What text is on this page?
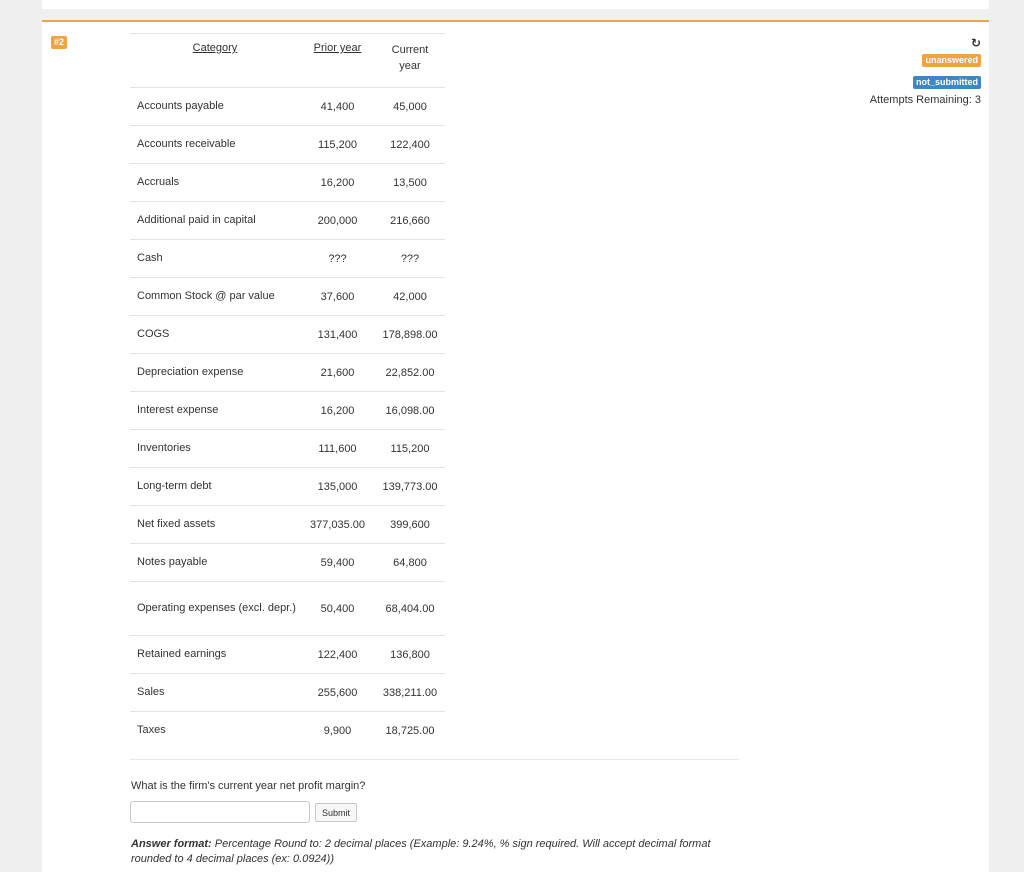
#2	↻
unanswered
not_submitted
Attempts Remaining: 3
Category	Prior year	Current year
Accounts payable	41,400	45,000
Accounts receivable	115,200	122,400
Accruals	16,200	13,500
Additional paid in capital	200,000	216,660
Cash	???	???
Common Stock @ par value	37,600	42,000
COGS	131,400	178,898.00
Depreciation expense	21,600	22,852.00
Interest expense	16,200	16,098.00
Inventories	111,600	115,200
Long-term debt	135,000	139,773.00
Net fixed assets	377,035.00	399,600
Notes payable	59,400	64,800
Operating expenses (excl. depr.)	50,400	68,404.00
Retained earnings	122,400	136,800
Sales	255,600	338,211.00
Taxes	9,900	18,725.00
What is the firm's current year net profit margin?
Submit
Answer format: Percentage Round to: 2 decimal places (Example: 9.24%, % sign required. Will accept decimal format rounded to 4 decimal places (ex: 0.0924))
